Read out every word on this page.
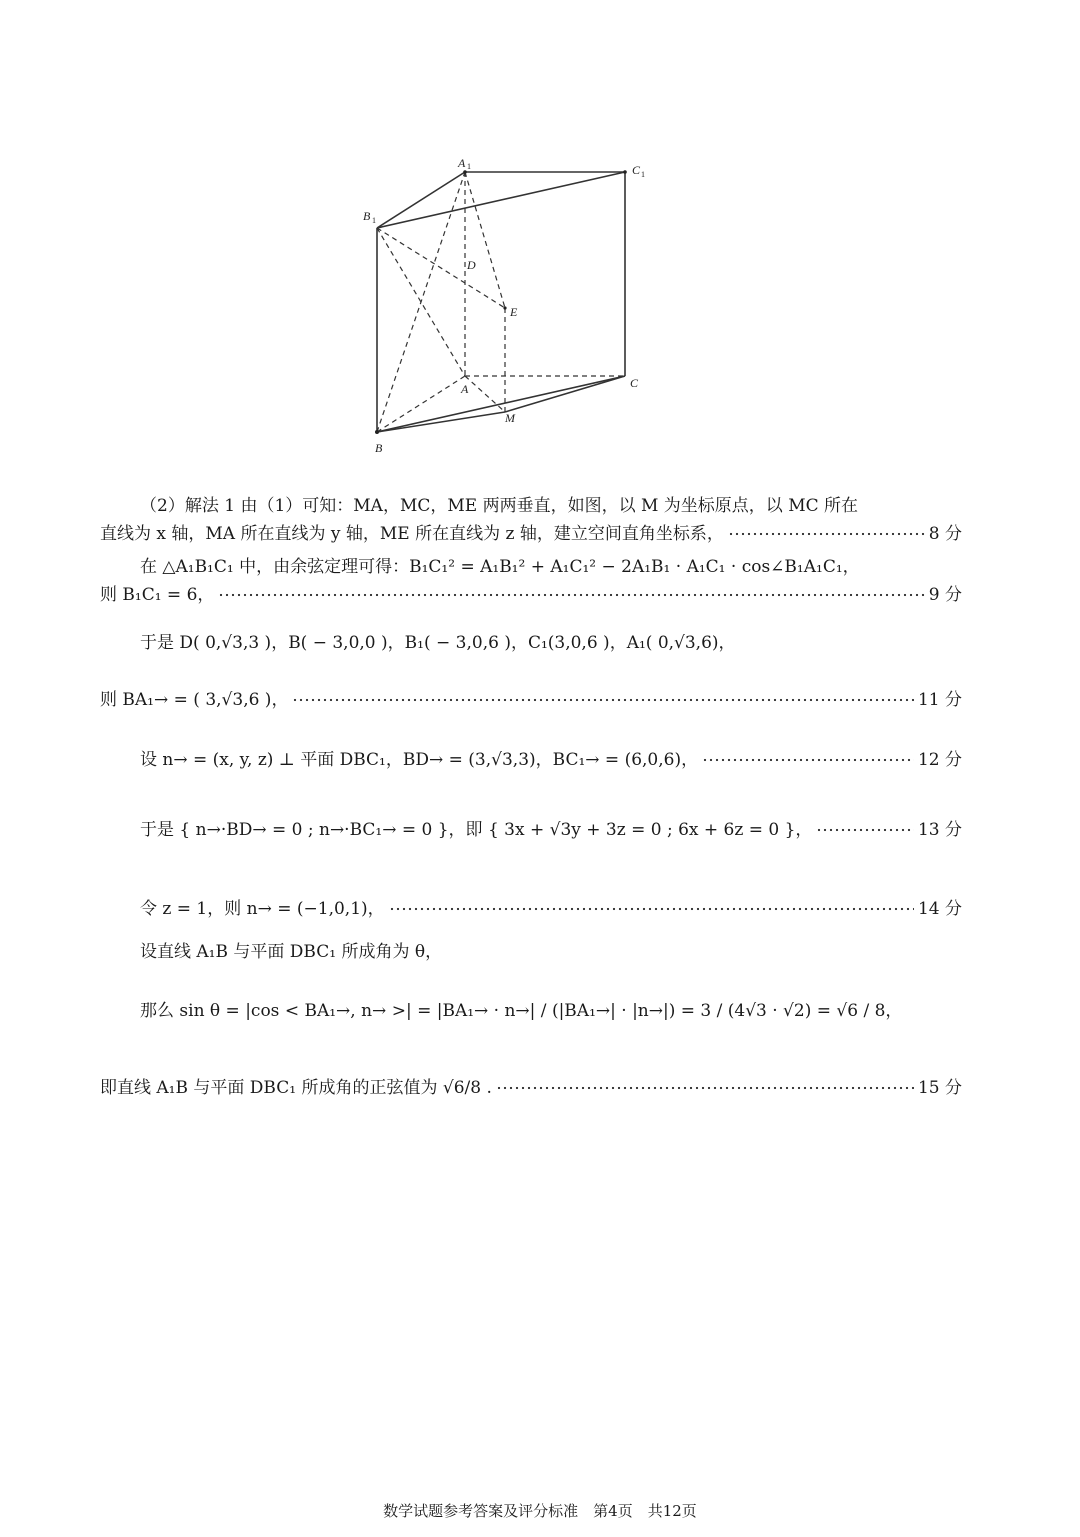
A 1	C 1
B 1
D
E
A	C
M
B
（2）解法 1 由（1）可知：MA，MC，ME 两两垂直，如图，以 M 为坐标原点，以 MC 所在
直线为 x 轴，MA 所在直线为 y 轴，ME 所在直线为 z 轴，建立空间直角坐标系，	8 分
在 △A₁B₁C₁ 中，由余弦定理可得：B₁C₁² = A₁B₁² + A₁C₁² − 2A₁B₁ · A₁C₁ · cos∠B₁A₁C₁，
则 B₁C₁ = 6，	9 分
于是 D( 0,√3,3 )，B( − 3,0,0 )，B₁( − 3,0,6 )，C₁(3,0,6 )，A₁( 0,√3,6)，
则 BA₁→ = ( 3,√3,6 )，	11 分
设 n→ = (x, y, z) ⊥ 平面 DBC₁，BD→ = (3,√3,3)，BC₁→ = (6,0,6)，	12 分
于是 { n→·BD→ = 0 ; n→·BC₁→ = 0 }，即 { 3x + √3y + 3z = 0 ; 6x + 6z = 0 }，	13 分
令 z = 1，则 n→ = (−1,0,1)，	14 分
设直线 A₁B 与平面 DBC₁ 所成角为 θ，
那么 sin θ = |cos < BA₁→, n→ >| = |BA₁→ · n→| / (|BA₁→| · |n→|) = 3 / (4√3 · √2) = √6 / 8，
即直线 A₁B 与平面 DBC₁ 所成角的正弦值为 √6/8 .	15 分
数学试题参考答案及评分标准　第4页　共12页
